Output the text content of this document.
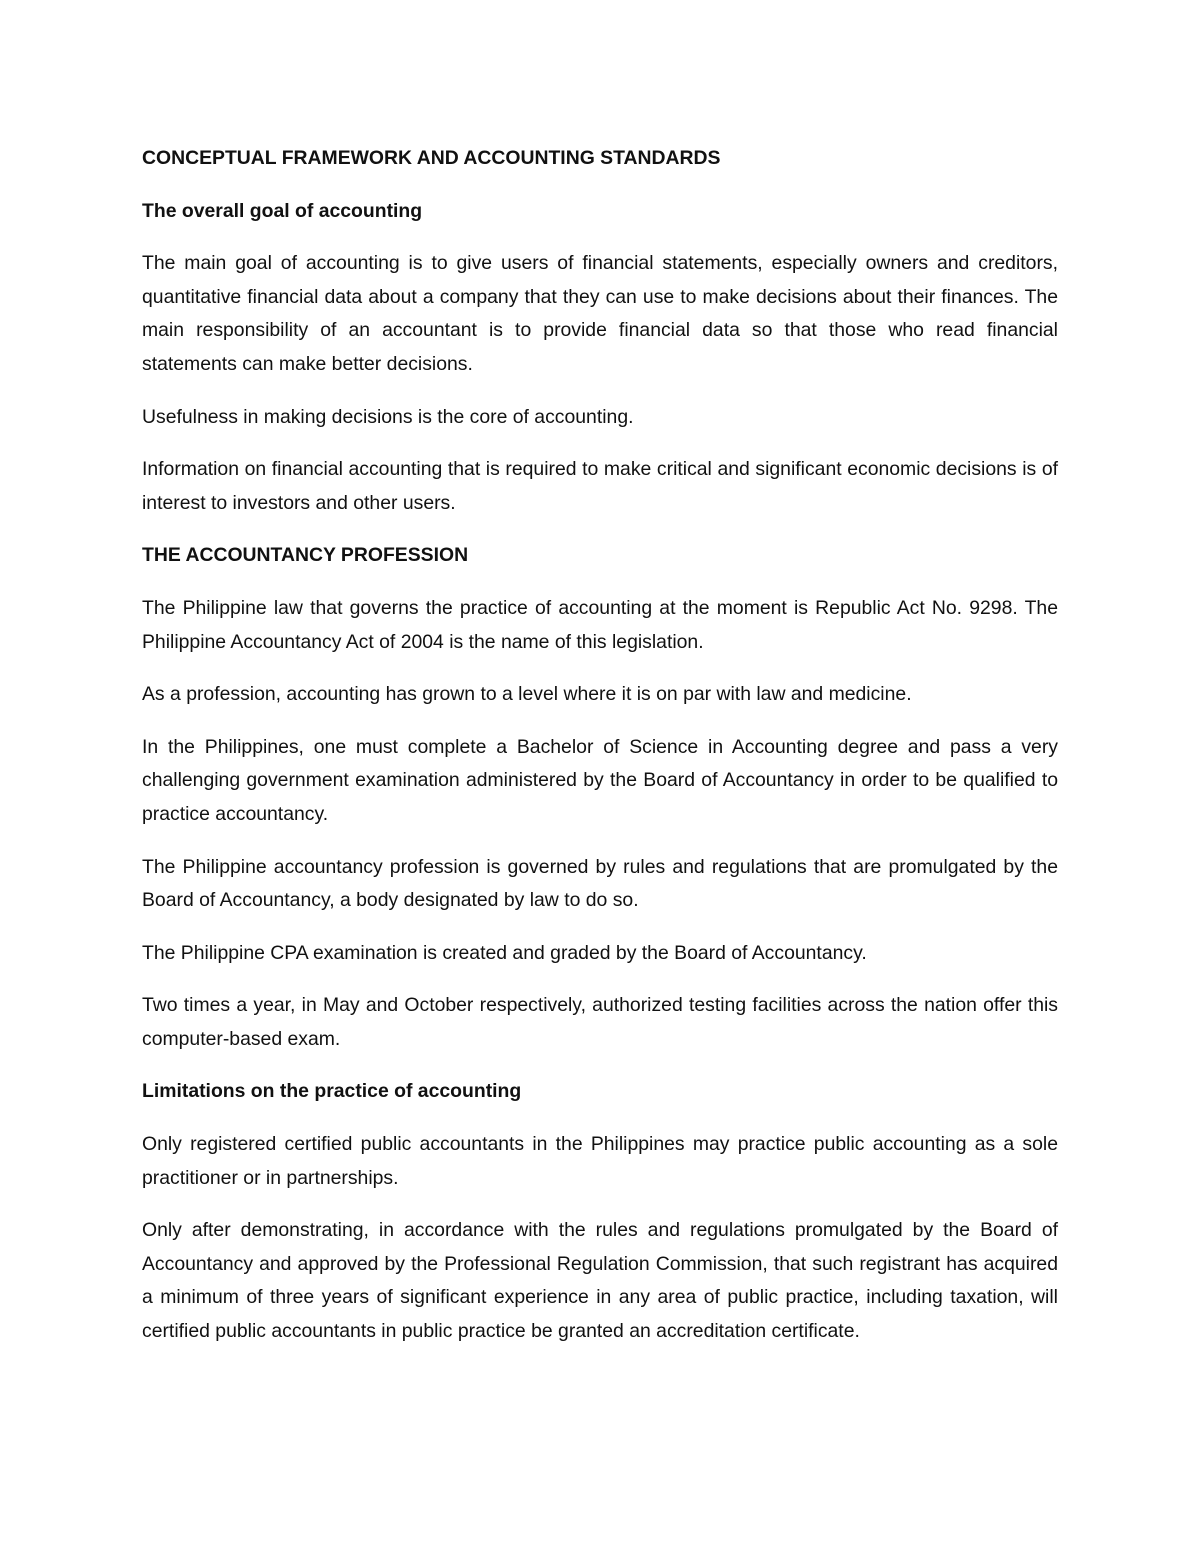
CONCEPTUAL FRAMEWORK AND ACCOUNTING STANDARDS
The overall goal of accounting

The main goal of accounting is to give users of financial statements, especially owners and creditors, quantitative financial data about a company that they can use to make decisions about their finances. The main responsibility of an accountant is to provide financial data so that those who read financial statements can make better decisions.

Usefulness in making decisions is the core of accounting.

Information on financial accounting that is required to make critical and significant economic decisions is of interest to investors and other users.

THE ACCOUNTANCY PROFESSION

The Philippine law that governs the practice of accounting at the moment is Republic Act No. 9298. The Philippine Accountancy Act of 2004 is the name of this legislation.

As a profession, accounting has grown to a level where it is on par with law and medicine.

In the Philippines, one must complete a Bachelor of Science in Accounting degree and pass a very challenging government examination administered by the Board of Accountancy in order to be qualified to practice accountancy.

The Philippine accountancy profession is governed by rules and regulations that are promulgated by the Board of Accountancy, a body designated by law to do so.

The Philippine CPA examination is created and graded by the Board of Accountancy.

Two times a year, in May and October respectively, authorized testing facilities across the nation offer this computer-based exam.

Limitations on the practice of accounting

Only registered certified public accountants in the Philippines may practice public accounting as a sole practitioner or in partnerships.

Only after demonstrating, in accordance with the rules and regulations promulgated by the Board of Accountancy and approved by the Professional Regulation Commission, that such registrant has acquired a minimum of three years of significant experience in any area of public practice, including taxation, will certified public accountants in public practice be granted an accreditation certificate.
